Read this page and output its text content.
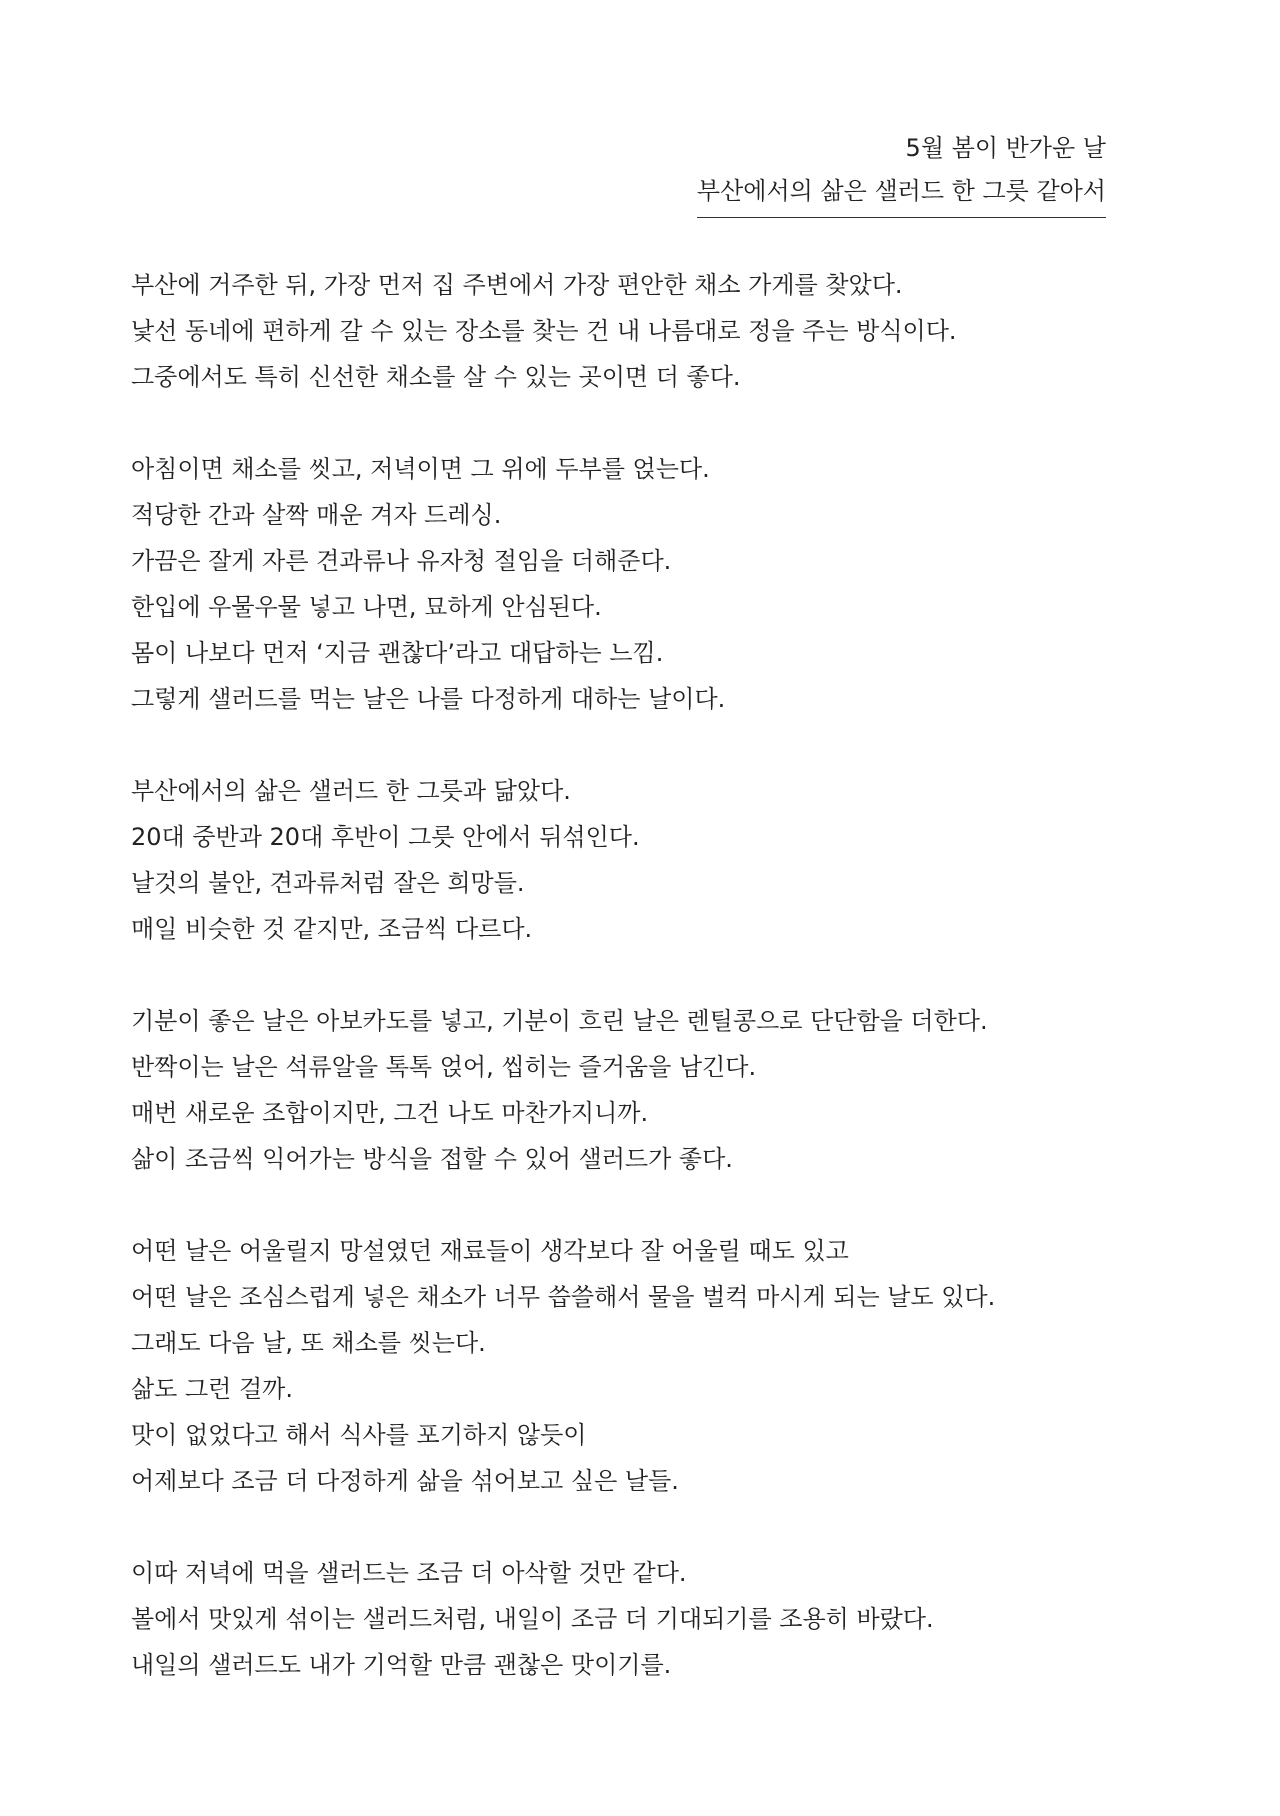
5월 봄이 반가운 날
부산에서의 삶은 샐러드 한 그릇 같아서
부산에 거주한 뒤, 가장 먼저 집 주변에서 가장 편안한 채소 가게를 찾았다.
낯선 동네에 편하게 갈 수 있는 장소를 찾는 건 내 나름대로 정을 주는 방식이다.
그중에서도 특히 신선한 채소를 살 수 있는 곳이면 더 좋다.
아침이면 채소를 씻고, 저녁이면 그 위에 두부를 얹는다.
적당한 간과 살짝 매운 겨자 드레싱.
가끔은 잘게 자른 견과류나 유자청 절임을 더해준다.
한입에 우물우물 넣고 나면, 묘하게 안심된다.
몸이 나보다 먼저 ‘지금 괜찮다’라고 대답하는 느낌.
그렇게 샐러드를 먹는 날은 나를 다정하게 대하는 날이다.
부산에서의 삶은 샐러드 한 그릇과 닮았다.
20대 중반과 20대 후반이 그릇 안에서 뒤섞인다.
날것의 불안, 견과류처럼 잘은 희망들.
매일 비슷한 것 같지만, 조금씩 다르다.
기분이 좋은 날은 아보카도를 넣고, 기분이 흐린 날은 렌틸콩으로 단단함을 더한다.
반짝이는 날은 석류알을 톡톡 얹어, 씹히는 즐거움을 남긴다.
매번 새로운 조합이지만, 그건 나도 마찬가지니까.
삶이 조금씩 익어가는 방식을 접할 수 있어 샐러드가 좋다.
어떤 날은 어울릴지 망설였던 재료들이 생각보다 잘 어울릴 때도 있고
어떤 날은 조심스럽게 넣은 채소가 너무 씁쓸해서 물을 벌컥 마시게 되는 날도 있다.
그래도 다음 날, 또 채소를 씻는다.
삶도 그런 걸까.
맛이 없었다고 해서 식사를 포기하지 않듯이
어제보다 조금 더 다정하게 삶을 섞어보고 싶은 날들.
이따 저녁에 먹을 샐러드는 조금 더 아삭할 것만 같다.
볼에서 맛있게 섞이는 샐러드처럼, 내일이 조금 더 기대되기를 조용히 바랐다.
내일의 샐러드도 내가 기억할 만큼 괜찮은 맛이기를.
